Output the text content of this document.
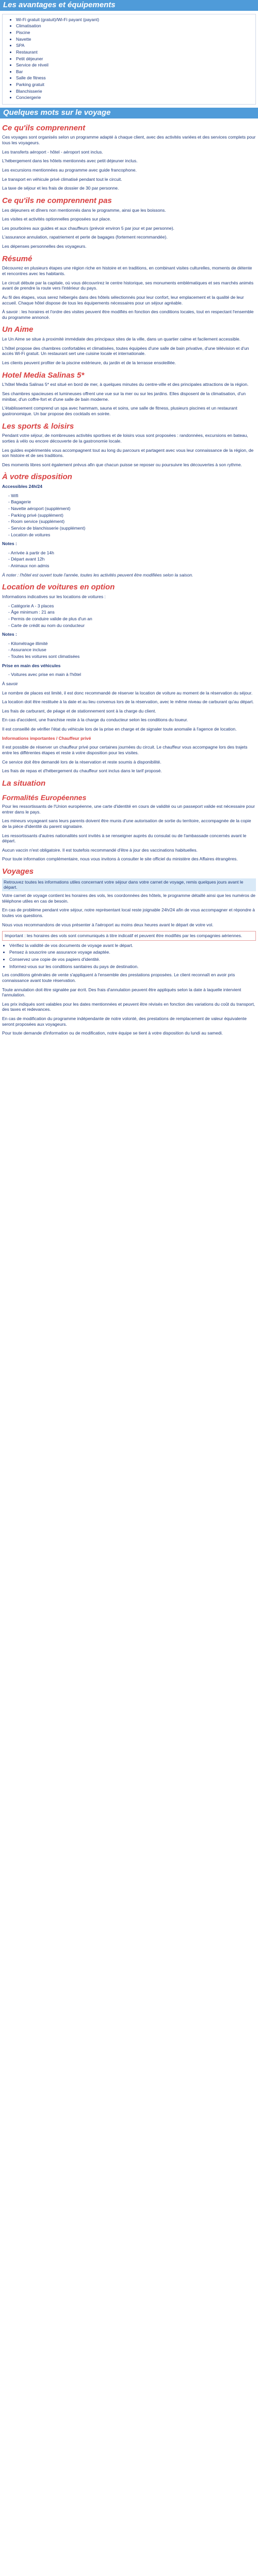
Les avantages et équipements
• Wi-Fi gratuit (gratuit)/Wi-Fi payant (payant)
• Climatisation
• Piscine
• Navette
• SPA
• Restaurant
• Petit déjeuner
• Service de réveil
• Bar
• Salle de fitness
• Parking gratuit
• Blanchisserie
• Conciergerie
Quelques mots sur le voyage
Ce qu'ils comprennent

Ces voyages sont organisés selon un programme adapté à chaque client, avec des activités variées et des services complets pour tous les voyageurs.

Les transferts aéroport - hôtel - aéroport sont inclus.

L'hébergement dans les hôtels mentionnés avec petit déjeuner inclus.

Les excursions mentionnées au programme avec guide francophone.

Le transport en véhicule privé climatisé pendant tout le circuit.

La taxe de séjour et les frais de dossier de 30 par personne.

Ce qu'ils ne comprennent pas

Les déjeuners et dîners non mentionnés dans le programme, ainsi que les boissons.

Les visites et activités optionnelles proposées sur place.

Les pourboires aux guides et aux chauffeurs (prévoir environ 5 par jour et par personne).

L'assurance annulation, rapatriement et perte de bagages (fortement recommandée).

Les dépenses personnelles des voyageurs.

Résumé

Découvrez en plusieurs étapes une région riche en histoire et en traditions, en combinant visites culturelles, moments de détente et rencontres avec les habitants.

Le circuit débute par la capitale, où vous découvrirez le centre historique, ses monuments emblématiques et ses marchés animés avant de prendre la route vers l'intérieur du pays.

Au fil des étapes, vous serez hébergés dans des hôtels sélectionnés pour leur confort, leur emplacement et la qualité de leur accueil. Chaque hôtel dispose de tous les équipements nécessaires pour un séjour agréable.

À savoir : les horaires et l'ordre des visites peuvent être modifiés en fonction des conditions locales, tout en respectant l'ensemble du programme annoncé.

Un Aime

Le Un Aime se situe à proximité immédiate des principaux sites de la ville, dans un quartier calme et facilement accessible.

L'hôtel propose des chambres confortables et climatisées, toutes équipées d'une salle de bain privative, d'une télévision et d'un accès Wi-Fi gratuit. Un restaurant sert une cuisine locale et internationale.

Les clients peuvent profiter de la piscine extérieure, du jardin et de la terrasse ensoleillée.

Hotel Media Salinas 5*

L'hôtel Media Salinas 5* est situé en bord de mer, à quelques minutes du centre-ville et des principales attractions de la région.

Ses chambres spacieuses et lumineuses offrent une vue sur la mer ou sur les jardins. Elles disposent de la climatisation, d'un minibar, d'un coffre-fort et d'une salle de bain moderne.

L'établissement comprend un spa avec hammam, sauna et soins, une salle de fitness, plusieurs piscines et un restaurant gastronomique. Un bar propose des cocktails en soirée.

Les sports & loisirs

Pendant votre séjour, de nombreuses activités sportives et de loisirs vous sont proposées : randonnées, excursions en bateau, sorties à vélo ou encore découverte de la gastronomie locale.

Les guides expérimentés vous accompagnent tout au long du parcours et partagent avec vous leur connaissance de la région, de son histoire et de ses traditions.

Des moments libres sont également prévus afin que chacun puisse se reposer ou poursuivre les découvertes à son rythme.

À votre disposition

Accessibles 24h/24

- Wifi
- Bagagerie
- Navette aéroport (supplément)
- Parking privé (supplément)
- Room service (supplément)
- Service de blanchisserie (supplément)
- Location de voitures

Notes :

- Arrivée à partir de 14h
- Départ avant 12h
- Animaux non admis

À noter : l'hôtel est ouvert toute l'année, toutes les activités peuvent être modifiées selon la saison.

Location de voitures en option

Informations indicatives sur les locations de voitures :

- Catégorie A - 3 places
- Âge minimum : 21 ans
- Permis de conduire valide de plus d'un an
- Carte de crédit au nom du conducteur

Notes :

- Kilométrage illimité
- Assurance incluse
- Toutes les voitures sont climatisées

Prise en main des véhicules

- Voitures avec prise en main à l'hôtel

À savoir

Le nombre de places est limité, il est donc recommandé de réserver la location de voiture au moment de la réservation du séjour.

La location doit être restituée à la date et au lieu convenus lors de la réservation, avec le même niveau de carburant qu'au départ.

Les frais de carburant, de péage et de stationnement sont à la charge du client.

En cas d'accident, une franchise reste à la charge du conducteur selon les conditions du loueur.

Il est conseillé de vérifier l'état du véhicule lors de la prise en charge et de signaler toute anomalie à l'agence de location.

Informations importantes / Chauffeur privé

Il est possible de réserver un chauffeur privé pour certaines journées du circuit. Le chauffeur vous accompagne lors des trajets entre les différentes étapes et reste à votre disposition pour les visites.

Ce service doit être demandé lors de la réservation et reste soumis à disponibilité.

Les frais de repas et d'hébergement du chauffeur sont inclus dans le tarif proposé.

La situation

Formalités Européennes

Pour les ressortissants de l'Union européenne, une carte d'identité en cours de validité ou un passeport valide est nécessaire pour entrer dans le pays.

Les mineurs voyageant sans leurs parents doivent être munis d'une autorisation de sortie du territoire, accompagnée de la copie de la pièce d'identité du parent signataire.

Les ressortissants d'autres nationalités sont invités à se renseigner auprès du consulat ou de l'ambassade concernés avant le départ.

Aucun vaccin n'est obligatoire. Il est toutefois recommandé d'être à jour des vaccinations habituelles.

Pour toute information complémentaire, nous vous invitons à consulter le site officiel du ministère des Affaires étrangères.

Voyages
Retrouvez toutes les informations utiles concernant votre séjour dans votre carnet de voyage, remis quelques jours avant le départ.

Votre carnet de voyage contient les horaires des vols, les coordonnées des hôtels, le programme détaillé ainsi que les numéros de téléphone utiles en cas de besoin.

En cas de problème pendant votre séjour, notre représentant local reste joignable 24h/24 afin de vous accompagner et répondre à toutes vos questions.

Nous vous recommandons de vous présenter à l'aéroport au moins deux heures avant le départ de votre vol.

Important : les horaires des vols sont communiqués à titre indicatif et peuvent être modifiés par les compagnies aériennes.
• Vérifiez la validité de vos documents de voyage avant le départ.
• Pensez à souscrire une assurance voyage adaptée.
• Conservez une copie de vos papiers d'identité.
• Informez-vous sur les conditions sanitaires du pays de destination.

Les conditions générales de vente s'appliquent à l'ensemble des prestations proposées. Le client reconnaît en avoir pris connaissance avant toute réservation.

Toute annulation doit être signalée par écrit. Des frais d'annulation peuvent être appliqués selon la date à laquelle intervient l'annulation.

Les prix indiqués sont valables pour les dates mentionnées et peuvent être révisés en fonction des variations du coût du transport, des taxes et redevances.

En cas de modification du programme indépendante de notre volonté, des prestations de remplacement de valeur équivalente seront proposées aux voyageurs.

Pour toute demande d'information ou de modification, notre équipe se tient à votre disposition du lundi au samedi.
